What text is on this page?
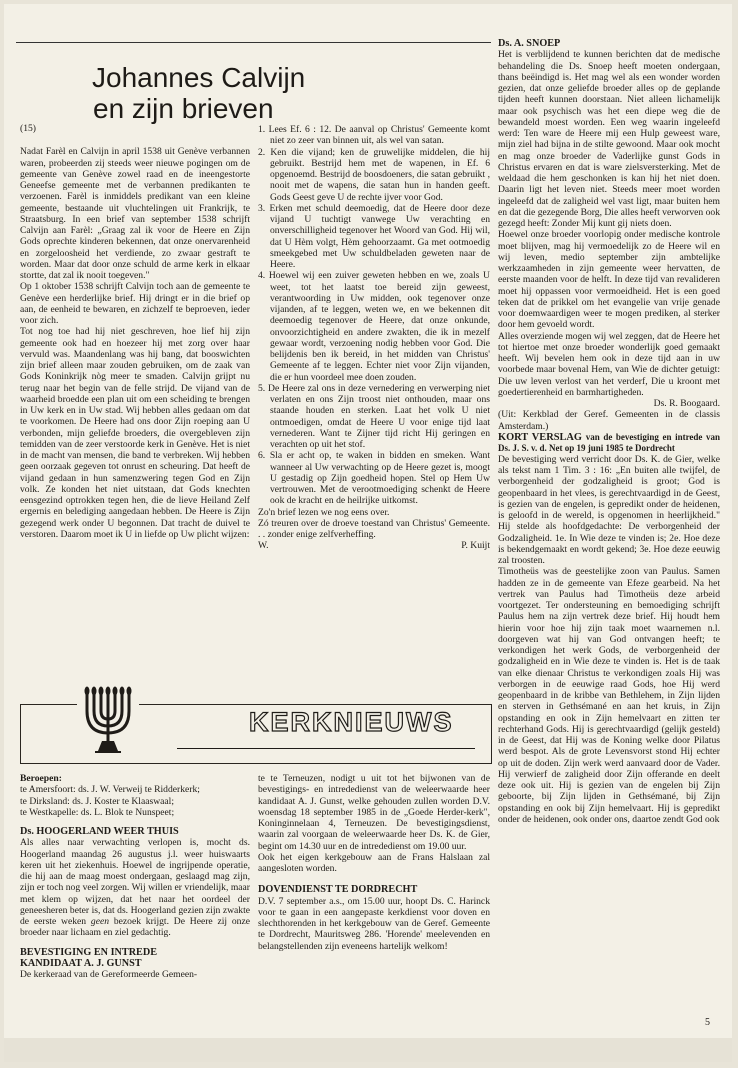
Johannes Calvijn
en zijn brieven

(15)

Nadat Farèl en Calvijn in april 1538 uit Genève verbannen waren, probeerden zij steeds weer nieuwe pogingen om de gemeente van Genève zowel raad en de ineengestorte Geneefse gemeente met de verbannen predikanten te verzoenen. Farèl is inmiddels predikant van een kleine gemeente, bestaande uit vluchtelingen uit Frankrijk, te Straatsburg. In een brief van september 1538 schrijft Calvijn aan Farèl: „Graag zal ik voor de Heere en Zijn Gods oprechte kinderen bekennen, dat onze onervarenheid en zorgeloosheid het verdiende, zo zwaar gestraft te worden. Maar dat door onze schuld de arme kerk in elkaar stortte, dat zal ik nooit toegeven."

Op 1 oktober 1538 schrijft Calvijn toch aan de gemeente te Genève een herderlijke brief. Hij dringt er in die brief op aan, de eenheid te bewaren, en zichzelf te beproeven, ieder voor zich.

Tot nog toe had hij niet geschreven, hoe lief hij zijn gemeente ook had en hoezeer hij met zorg over haar vervuld was. Maandenlang was hij bang, dat booswichten zijn brief alleen maar zouden gebruiken, om de zaak van Gods Koninkrijk nòg meer te smaden. Calvijn grijpt nu terug naar het begin van de felle strijd. De vijand van de waarheid broedde een plan uit om een scheiding te brengen in Uw kerk en in Uw stad. Wij hebben alles gedaan om dat te voorkomen. De Heere had ons door Zijn roeping aan U verbonden, mijn geliefde broeders, die overgebleven zijn temidden van de zeer verstoorde kerk in Genève. Het is niet in de macht van mensen, die band te verbreken. Wij hebben geen oorzaak gegeven tot onrust en scheuring. Dat heeft de vijand gedaan in hun samenzwering tegen God en Zijn volk. Ze konden het niet uitstaan, dat Gods knechten eensgezind optrokken tegen hen, die de lieve Heiland Zelf ergernis en belediging aangedaan hebben. De Heere is Zijn gezegend werk onder U begonnen. Dat tracht de duivel te verstoren. Daarom moet ik U in liefde op Uw plicht wijzen:

1. Lees Ef. 6 : 12. De aanval op Christus' Gemeente komt niet zo zeer van binnen uit, als wel van satan.

2. Ken die vijand; ken de gruwelijke middelen, die hij gebruikt. Bestrijd hem met de wapenen, in Ef. 6 opgenoemd. Bestrijd de boosdoeners, die satan gebruikt , nooit met de wapens, die satan hun in handen geeft. Gods Geest geve U de rechte ijver voor God.

3. Erken met schuld deemoedig, dat de Heere door deze vijand U tuchtigt vanwege Uw verachting en onverschilligheid tegenover het Woord van God. Hij wil, dat U Hèm volgt, Hèm gehoorzaamt. Ga met ootmoedig smeekgebed met Uw schuldbeladen geweten naar de Heere.

4. Hoewel wij een zuiver geweten hebben en we, zoals U weet, tot het laatst toe bereid zijn geweest, verantwoording in Uw midden, ook tegenover onze vijanden, af te leggen, weten we, en we bekennen dit deemoedig tegenover de Heere, dat onze onkunde, onvoorzichtigheid en andere zwakten, die ik in mezelf gewaar wordt, verzoening nodig hebben voor God. Die belijdenis ben ik bereid, in het midden van Christus' Gemeente af te leggen. Echter niet voor Zijn vijanden, die er hun voordeel mee doen zouden.

5. De Heere zal ons in deze vernedering en verwerping niet verlaten en ons Zijn troost niet onthouden, maar ons staande houden en sterken. Laat het volk U niet ontmoedigen, omdat de Heere U voor enige tijd laat vernederen. Want te Zijner tijd richt Hij geringen en verachten op uit het stof.

6. Sla er acht op, te waken in bidden en smeken. Want wanneer al Uw verwachting op de Heere gezet is, moogt U gestadig op Zijn goedheid hopen. Stel op Hem Uw vertrouwen. Met de verootmoediging schenkt de Heere ook de kracht en de heilrijke uitkomst.

Zo'n brief lezen we nog eens over.

Zó treuren over de droeve toestand van Christus' Gemeente. . . zonder enige zelfverheffing.

W.	P. Kuijt

Ds. A. SNOEP

Het is verblijdend te kunnen berichten dat de medische behandeling die Ds. Snoep heeft moeten ondergaan, thans beëindigd is. Het mag wel als een wonder worden gezien, dat onze geliefde broeder alles op de geplande tijden heeft kunnen doorstaan. Niet alleen lichamelijk maar ook psychisch was het een diepe weg die de bewandeld moest worden. Een weg waarin ingeleefd werd: Ten ware de Heere mij een Hulp geweest ware, mijn ziel had bijna in de stilte gewoond. Maar ook mocht en mag onze broeder de Vaderlijke gunst Gods in Christus ervaren en dat is ware zielsversterking. Met de weldaad die hem geschonken is kan hij het niet doen. Daarin ligt het leven niet. Steeds meer moet worden ingeleefd dat de zaligheid wel vast ligt, maar buiten hem en dat die gezegende Borg, Die alles heeft verworven ook gezegd heeft: Zonder Mij kunt gij niets doen.

Hoewel onze broeder voorlopig onder medische kontrole moet blijven, mag hij vermoedelijk zo de Heere wil en wij leven, medio september zijn ambtelijke werkzaamheden in zijn gemeente weer hervatten, de eerste maanden voor de helft. In deze tijd van revalideren moet hij oppassen voor vermoeidheid. Het is een goed teken dat de prikkel om het evangelie van vrije genade voor doemwaardigen weer te mogen prediken, al sterker door hem gevoeld wordt.

Alles overziende mogen wij wel zeggen, dat de Heere het tot hiertoe met onze broeder wonderlijk goed gemaakt heeft. Wij bevelen hem ook in deze tijd aan in uw voorbede maar bovenal Hem, van Wie de dichter getuigt: Die uw leven verlost van het verderf, Die u kroont met goedertierenheid en barmhartigheden.

Ds. R. Boogaard.

(Uit: Kerkblad der Geref. Gemeenten in de classis Amsterdam.)

KORT VERSLAG van de bevestiging en intrede van Ds. J. S. v. d. Net op 19 juni 1985 te Dordrecht

De bevestiging werd verricht door Ds. K. de Gier, welke als tekst nam 1 Tim. 3 : 16: „En buiten alle twijfel, de verborgenheid der godzaligheid is groot; God is geopenbaard in het vlees, is gerechtvaardigd in de Geest, is gezien van de engelen, is gepredikt onder de heidenen, is geloofd in de wereld, is opgenomen in heerlijkheid." Hij stelde als hoofdgedachte: De verborgenheid der Godzaligheid. 1e. In Wie deze te vinden is; 2e. Hoe deze is bekendgemaakt en wordt gekend; 3e. Hoe deze eeuwig zal troosten.

Timotheüs was de geestelijke zoon van Paulus. Samen hadden ze in de gemeente van Efeze gearbeid. Na het vertrek van Paulus had Timotheüs deze arbeid voortgezet. Ter ondersteuning en bemoediging schrijft Paulus hem na zijn vertrek deze brief. Hij houdt hem hierin voor hoe hij zijn taak moet waarnemen n.l. doorgeven wat hij van God ontvangen heeft; te verkondigen het werk Gods, de verborgenheid der godzaligheid en in Wie deze te vinden is. Het is de taak van elke dienaar Christus te verkondigen zoals Hij was verborgen in de eeuwige raad Gods, hoe Hij werd geopenbaard in de kribbe van Bethlehem, in Zijn lijden en sterven in Gethsémané en aan het kruis, in Zijn opstanding en ook in Zijn hemelvaart en zitten ter rechterhand Gods. Hij is gerechtvaardigd (gelijk gesteld) in de Geest, dat Hij was de Koning welke door Pilatus werd bespot. Als de grote Levensvorst stond Hij echter op uit de doden. Zijn werk werd aanvaard door de Vader. Hij verwierf de zaligheid door Zijn offerande en deelt deze ook uit. Hij is gezien van de engelen bij Zijn geboorte, bij Zijn lijden in Gethsémané, bij Zijn opstanding en ook bij Zijn hemelvaart. Hij is gepredikt onder de heidenen, ook onder ons, daartoe zendt God ook

KERKNIEUWS

Beroepen:

te Amersfoort: ds. J. W. Verweij te Ridderkerk;

te Dirksland: ds. J. Koster te Klaaswaal;

te Westkapelle: ds. L. Blok te Nunspeet;

Ds. HOOGERLAND WEER THUIS

Als alles naar verwachting verlopen is, mocht ds. Hoogerland maandag 26 augustus j.l. weer huiswaarts keren uit het ziekenhuis. Hoewel de ingrijpende operatie, die hij aan de maag moest ondergaan, geslaagd mag zijn, zijn er toch nog veel zorgen. Wij willen er vriendelijk, maar met klem op wijzen, dat het naar het oordeel der geneesheren beter is, dat ds. Hoogerland gezien zijn zwakte de eerste weken geen bezoek krijgt. De Heere zij onze broeder naar lichaam en ziel gedachtig.

BEVESTIGING EN INTREDE

KANDIDAAT A. J. GUNST

De kerkeraad van de Gereformeerde Gemeen-

te te Terneuzen, nodigt u uit tot het bijwonen van de bevestigings- en intrededienst van de weleerwaarde heer kandidaat A. J. Gunst, welke gehouden zullen worden D.V. woensdag 18 september 1985 in de „Goede Herder-kerk", Koninginnelaan 4, Terneuzen. De bevestigingsdienst, waarin zal voorgaan de weleerwaarde heer Ds. K. de Gier, begint om 14.30 uur en de intrededienst om 19.00 uur.

Ook het eigen kerkgebouw aan de Frans Halslaan zal aangesloten worden.

DOVENDIENST TE DORDRECHT

D.V. 7 september a.s., om 15.00 uur, hoopt Ds. C. Harinck voor te gaan in een aangepaste kerkdienst voor doven en slechthorenden in het kerkgebouw van de Geref. Gemeente te Dordrecht, Mauritsweg 286. 'Horende' meelevenden en belangstellenden zijn eveneens hartelijk welkom!

5
